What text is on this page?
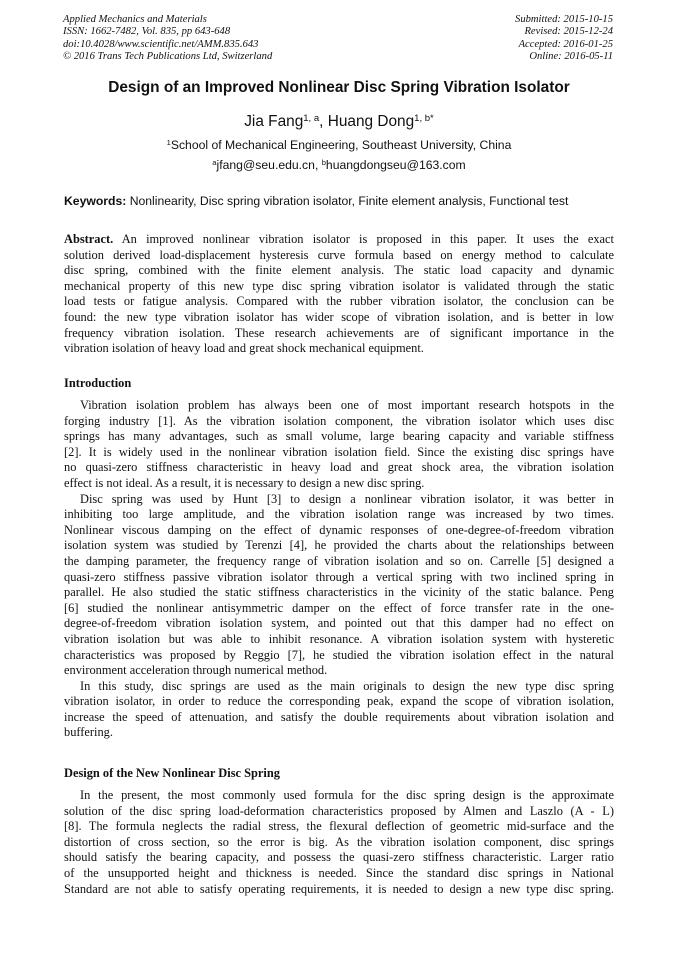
Applied Mechanics and Materials
ISSN: 1662-7482, Vol. 835, pp 643-648
doi:10.4028/www.scientific.net/AMM.835.643
© 2016 Trans Tech Publications Ltd, Switzerland
Submitted: 2015-10-15
Revised: 2015-12-24
Accepted: 2016-01-25
Online: 2016-05-11
Design of an Improved Nonlinear Disc Spring Vibration Isolator
Jia Fang$^{1, a}$, Huang Dong$^{1, b*}$
$^1$School of Mechanical Engineering, Southeast University, China
$^a$jfang@seu.edu.cn, $^b$huangdongseu@163.com
Keywords: Nonlinearity, Disc spring vibration isolator, Finite element analysis, Functional test
Abstract. An improved nonlinear vibration isolator is proposed in this paper. It uses the exact
solution derived load-displacement hysteresis curve formula based on energy method to calculate
disc spring, combined with the finite element analysis. The static load capacity and dynamic
mechanical property of this new type disc spring vibration isolator is validated through the static
load tests or fatigue analysis. Compared with the rubber vibration isolator, the conclusion can be
found: the new type vibration isolator has wider scope of vibration isolation, and is better in low
frequency vibration isolation. These research achievements are of significant importance in the
vibration isolation of heavy load and great shock mechanical equipment.
Introduction
Vibration isolation problem has always been one of most important research hotspots in the
forging industry [1]. As the vibration isolation component, the vibration isolator which uses disc
springs has many advantages, such as small volume, large bearing capacity and variable stiffness
[2]. It is widely used in the nonlinear vibration isolation field. Since the existing disc springs have
no quasi-zero stiffness characteristic in heavy load and great shock area, the vibration isolation
effect is not ideal. As a result, it is necessary to design a new disc spring.
Disc spring was used by Hunt [3] to design a nonlinear vibration isolator, it was better in
inhibiting too large amplitude, and the vibration isolation range was increased by two times.
Nonlinear viscous damping on the effect of dynamic responses of one-degree-of-freedom vibration
isolation system was studied by Terenzi [4], he provided the charts about the relationships between
the damping parameter, the frequency range of vibration isolation and so on. Carrelle [5] designed a
quasi-zero stiffness passive vibration isolator through a vertical spring with two inclined spring in
parallel. He also studied the static stiffness characteristics in the vicinity of the static balance. Peng
[6] studied the nonlinear antisymmetric damper on the effect of force transfer rate in the one-
degree-of-freedom vibration isolation system, and pointed out that this damper had no effect on
vibration isolation but was able to inhibit resonance. A vibration isolation system with hysteretic
characteristics was proposed by Reggio [7], he studied the vibration isolation effect in the natural
environment acceleration through numerical method.
In this study, disc springs are used as the main originals to design the new type disc spring
vibration isolator, in order to reduce the corresponding peak, expand the scope of vibration isolation,
increase the speed of attenuation, and satisfy the double requirements about vibration isolation and
buffering.
Design of the New Nonlinear Disc Spring
In the present, the most commonly used formula for the disc spring design is the approximate
solution of the disc spring load-deformation characteristics proposed by Almen and Laszlo (A - L)
[8]. The formula neglects the radial stress, the flexural deflection of geometric mid-surface and the
distortion of cross section, so the error is big. As the vibration isolation component, disc springs
should satisfy the bearing capacity, and possess the quasi-zero stiffness characteristic. Larger ratio
of the unsupported height and thickness is needed. Since the standard disc springs in National
Standard are not able to satisfy operating requirements, it is needed to design a new type disc spring.
